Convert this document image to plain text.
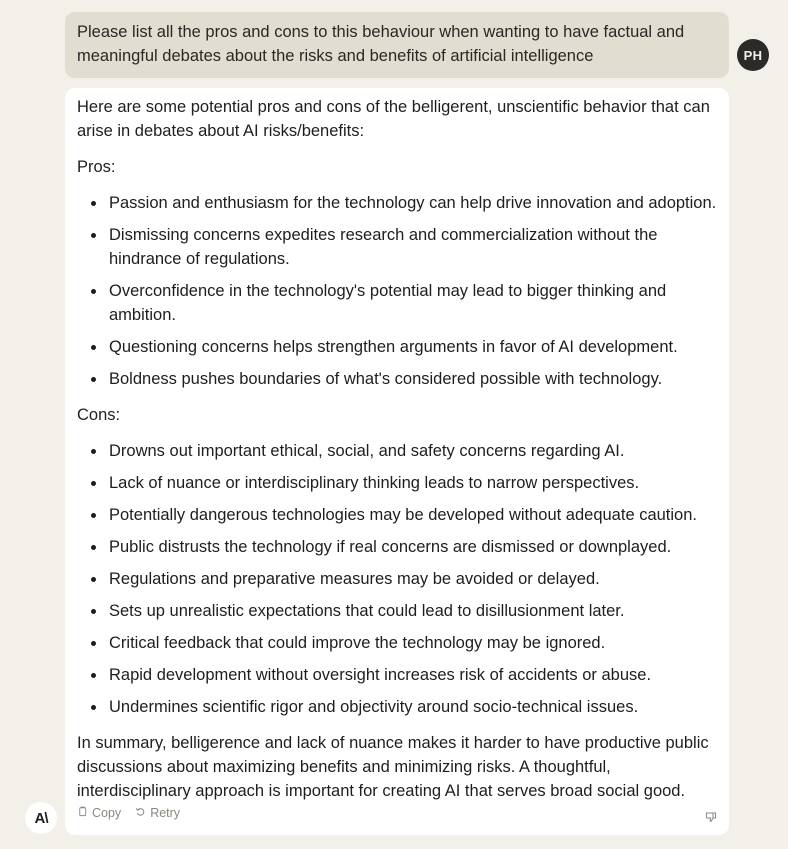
Please list all the pros and cons to this behaviour when wanting to have factual and meaningful debates about the risks and benefits of artificial intelligence	PH

Here are some potential pros and cons of the belligerent, unscientific behavior that can arise in debates about AI risks/benefits:

Pros:

Passion and enthusiasm for the technology can help drive innovation and adoption.
Dismissing concerns expedites research and commercialization without the hindrance of regulations.
Overconfidence in the technology's potential may lead to bigger thinking and ambition.
Questioning concerns helps strengthen arguments in favor of AI development.
Boldness pushes boundaries of what's considered possible with technology.

Cons:

Drowns out important ethical, social, and safety concerns regarding AI.
Lack of nuance or interdisciplinary thinking leads to narrow perspectives.
Potentially dangerous technologies may be developed without adequate caution.
Public distrusts the technology if real concerns are dismissed or downplayed.
Regulations and preparative measures may be avoided or delayed.
Sets up unrealistic expectations that could lead to disillusionment later.
Critical feedback that could improve the technology may be ignored.
Rapid development without oversight increases risk of accidents or abuse.
Undermines scientific rigor and objectivity around socio-technical issues.

In summary, belligerence and lack of nuance makes it harder to have productive public discussions about maximizing benefits and minimizing risks. A thoughtful, interdisciplinary approach is important for creating AI that serves broad social good.

Copy Retry
A\
